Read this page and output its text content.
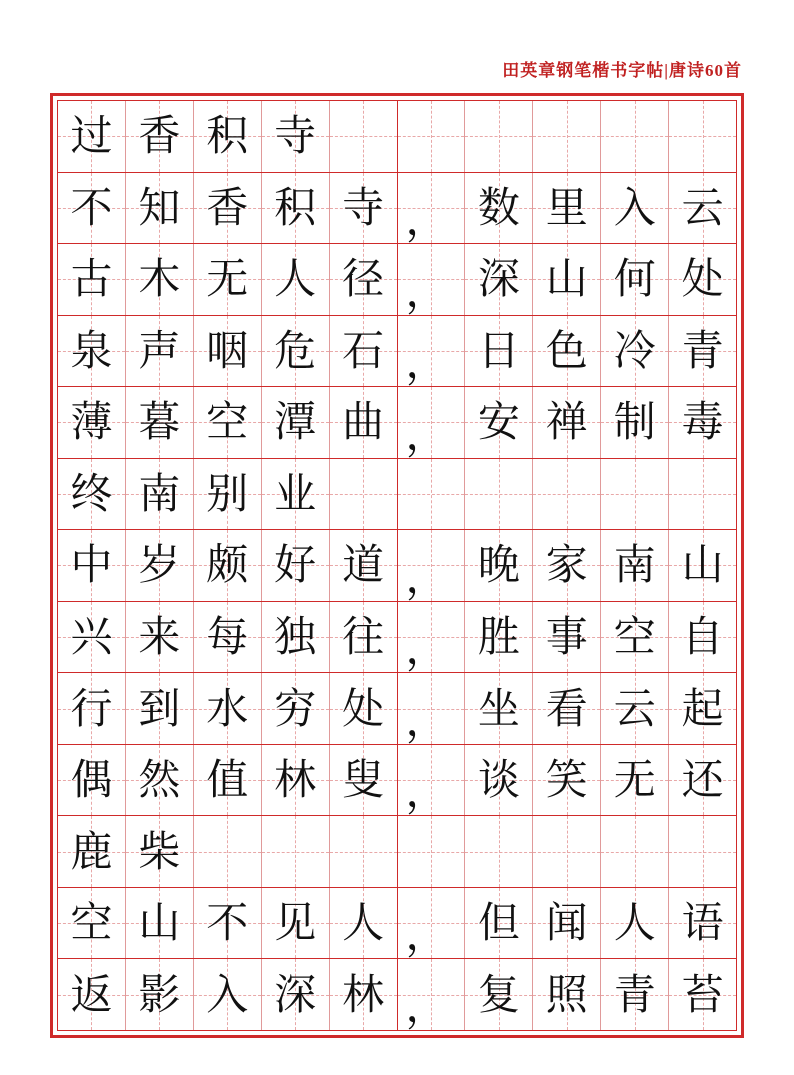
田英章钢笔楷书字帖|唐诗60首
过 香 积 寺
不 知 香 积 寺 ， 数 里 入 云
古 木 无 人 径 ， 深 山 何 处
泉 声 咽 危 石 ， 日 色 冷 青
薄 暮 空 潭 曲 ， 安 禅 制 毒
终 南 别 业
中 岁 颇 好 道 ， 晚 家 南 山
兴 来 每 独 往 ， 胜 事 空 自
行 到 水 穷 处 ， 坐 看 云 起
偶 然 值 林 叟 ， 谈 笑 无 还
鹿 柴
空 山 不 见 人 ， 但 闻 人 语
返 影 入 深 林 ， 复 照 青 苔
